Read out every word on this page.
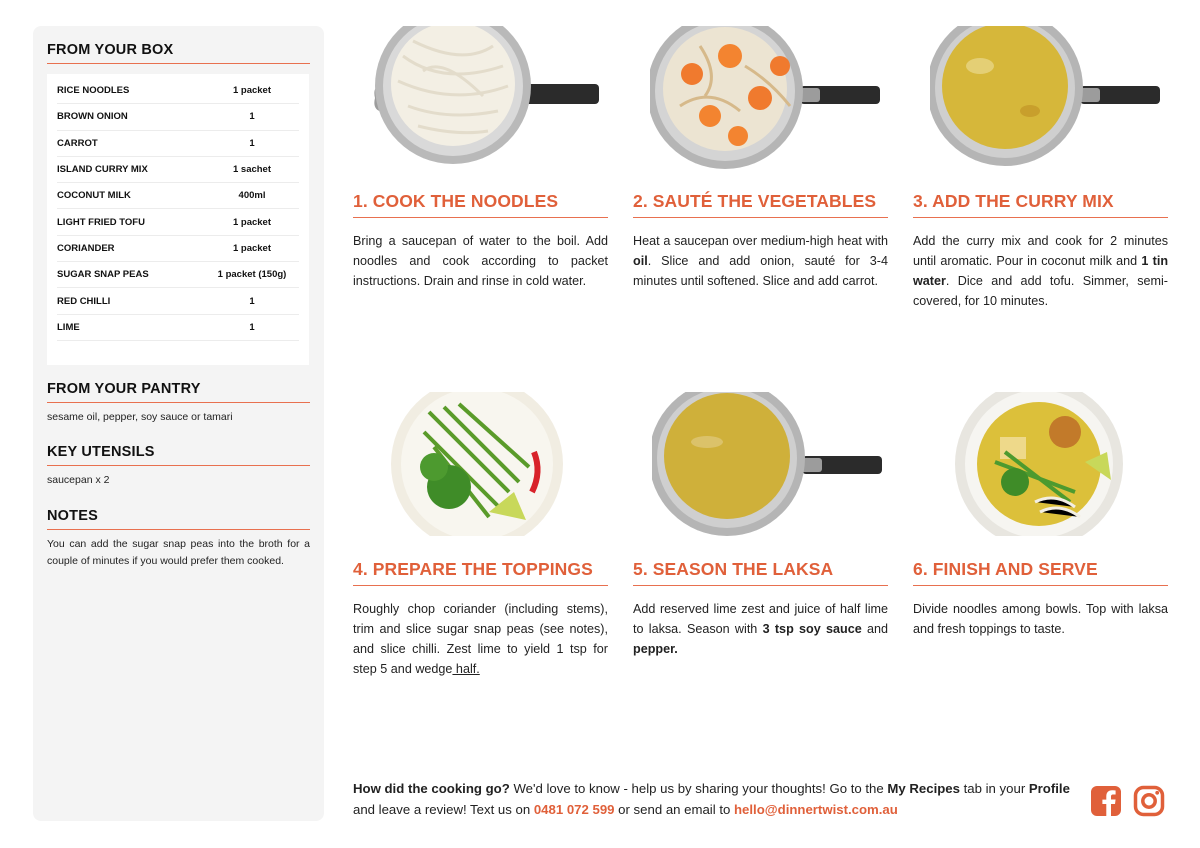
FROM YOUR BOX
RICE NOODLES	1 packet
BROWN ONION	1
CARROT	1
ISLAND CURRY MIX	1 sachet
COCONUT MILK	400ml
LIGHT FRIED TOFU	1 packet
CORIANDER	1 packet
SUGAR SNAP PEAS	1 packet (150g)
RED CHILLI	1
LIME	1
FROM YOUR PANTRY
sesame oil, pepper, soy sauce or tamari
KEY UTENSILS
saucepan x 2
NOTES
You can add the sugar snap peas into the broth for a couple of minutes if you would prefer them cooked.
1. COOK THE NOODLES
Bring a saucepan of water to the boil. Add noodles and cook according to packet instructions. Drain and rinse in cold water.
2. SAUTÉ THE VEGETABLES
Heat a saucepan over medium-high heat with oil. Slice and add onion, sauté for 3-4 minutes until softened. Slice and add carrot.
3. ADD THE CURRY MIX
Add the curry mix and cook for 2 minutes until aromatic. Pour in coconut milk and 1 tin water. Dice and add tofu. Simmer, semi-covered, for 10 minutes.
4. PREPARE THE TOPPINGS
Roughly chop coriander (including stems), trim and slice sugar snap peas (see notes), and slice chilli. Zest lime to yield 1 tsp for step 5 and wedge half.
5. SEASON THE LAKSA
Add reserved lime zest and juice of half lime to laksa. Season with 3 tsp soy sauce and pepper.
6. FINISH AND SERVE
Divide noodles among bowls. Top with laksa and fresh toppings to taste.
How did the cooking go? We'd love to know - help us by sharing your thoughts! Go to the My Recipes tab in your Profile and leave a review! Text us on 0481 072 599 or send an email to hello@dinnertwist.com.au
